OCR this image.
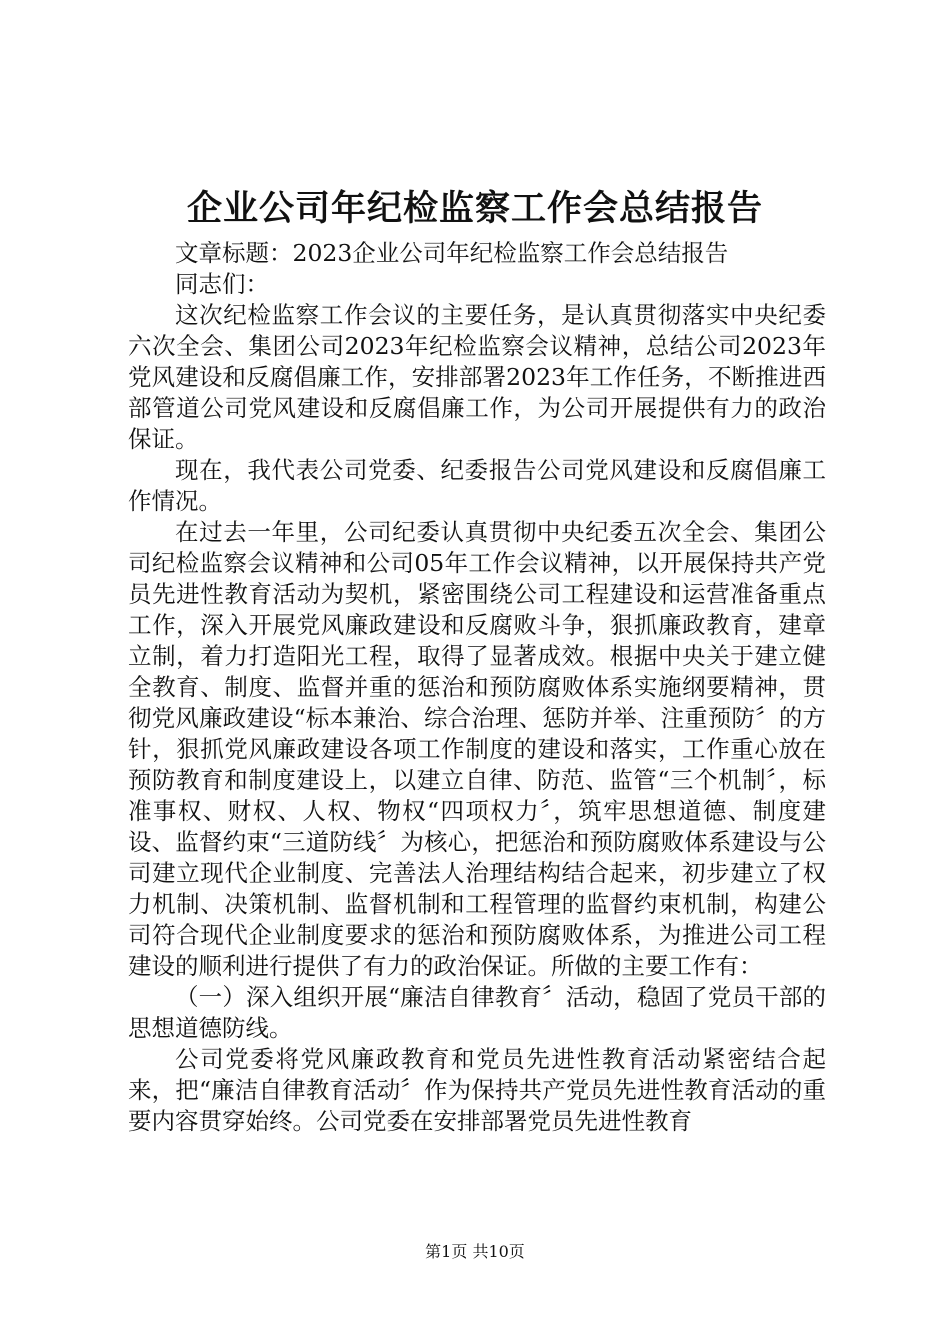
企业公司年纪检监察工作会总结报告

文章标题：2023企业公司年纪检监察工作会总结报告

同志们：

这次纪检监察工作会议的主要任务，是认真贯彻落实中央纪委六次全会、集团公司2023年纪检监察会议精神，总结公司2023年党风建设和反腐倡廉工作，安排部署2023年工作任务，不断推进西部管道公司党风建设和反腐倡廉工作，为公司开展提供有力的政治保证。

现在，我代表公司党委、纪委报告公司党风建设和反腐倡廉工作情况。

在过去一年里，公司纪委认真贯彻中央纪委五次全会、集团公司纪检监察会议精神和公司05年工作会议精神，以开展保持共产党员先进性教育活动为契机，紧密围绕公司工程建设和运营准备重点工作，深入开展党风廉政建设和反腐败斗争，狠抓廉政教育，建章立制，着力打造阳光工程，取得了显著成效。根据中央关于建立健全教育、制度、监督并重的惩治和预防腐败体系实施纲要精神，贯彻党风廉政建设“标本兼治、综合治理、惩防并举、注重预防〞的方针，狠抓党风廉政建设各项工作制度的建设和落实，工作重心放在预防教育和制度建设上，以建立自律、防范、监管“三个机制〞，标准事权、财权、人权、物权“四项权力〞，筑牢思想道德、制度建设、监督约束“三道防线〞为核心，把惩治和预防腐败体系建设与公司建立现代企业制度、完善法人治理结构结合起来，初步建立了权力机制、决策机制、监督机制和工程管理的监督约束机制，构建公司符合现代企业制度要求的惩治和预防腐败体系，为推进公司工程建设的顺利进行提供了有力的政治保证。所做的主要工作有：

（一）深入组织开展“廉洁自律教育〞活动，稳固了党员干部的思想道德防线。

公司党委将党风廉政教育和党员先进性教育活动紧密结合起来，把“廉洁自律教育活动〞作为保持共产党员先进性教育活动的重要内容贯穿始终。公司党委在安排部署党员先进性教育

第1页 共10页
